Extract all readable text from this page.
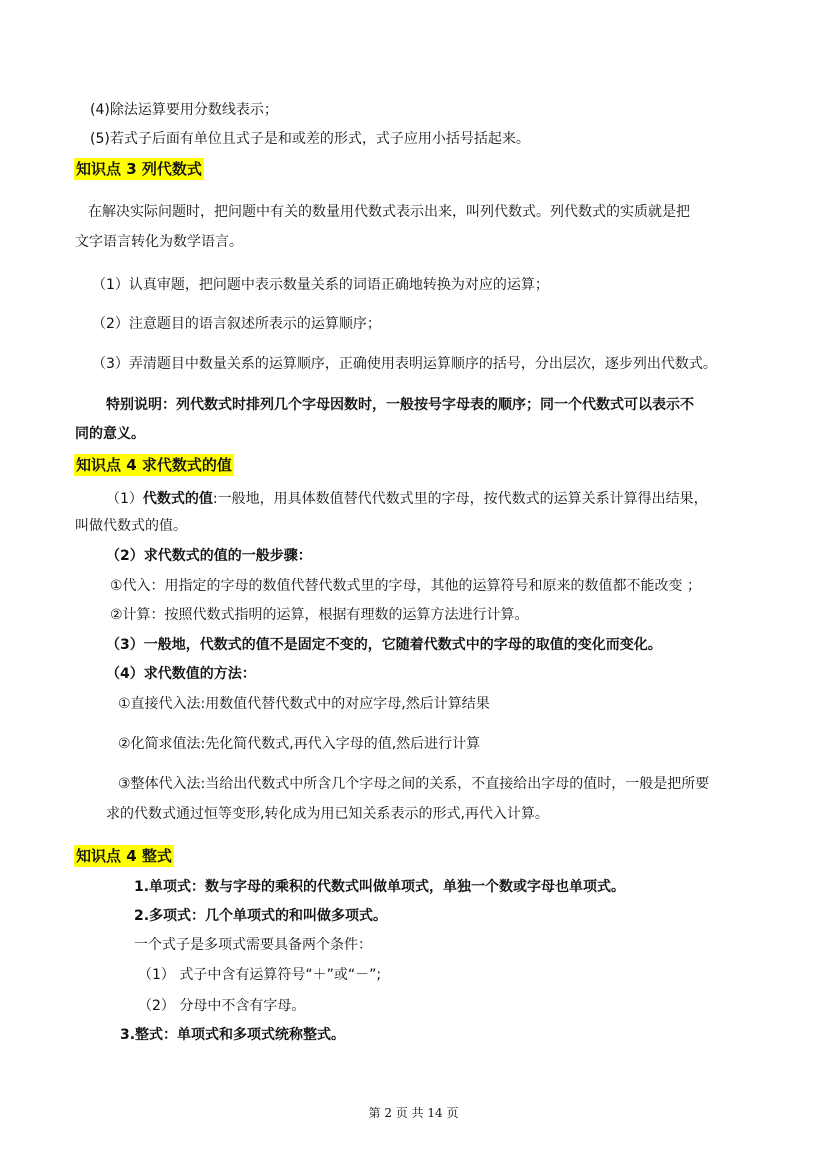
(4)除法运算要用分数线表示；
(5)若式子后面有单位且式子是和或差的形式，式子应用小括号括起来。
知识点 3 列代数式
在解决实际问题时，把问题中有关的数量用代数式表示出来，叫列代数式。列代数式的实质就是把
文字语言转化为数学语言。
（1）认真审题，把问题中表示数量关系的词语正确地转换为对应的运算；
（2）注意题目的语言叙述所表示的运算顺序；
（3）弄清题目中数量关系的运算顺序，正确使用表明运算顺序的括号，分出层次，逐步列出代数式。
特别说明：列代数式时排列几个字母因数时，一般按号字母表的顺序；同一个代数式可以表示不
同的意义。
知识点 4 求代数式的值
（1）代数式的值:一般地，用具体数值替代代数式里的字母，按代数式的运算关系计算得出结果，
叫做代数式的值。
（2）求代数式的值的一般步骤：
①代入：用指定的字母的数值代替代数式里的字母，其他的运算符号和原来的数值都不能改变 ；
②计算：按照代数式指明的运算，根据有理数的运算方法进行计算。
（3）一般地，代数式的值不是固定不变的，它随着代数式中的字母的取值的变化而变化。
（4）求代数值的方法：
①直接代入法:用数值代替代数式中的对应字母,然后计算结果
②化简求值法:先化简代数式,再代入字母的值,然后进行计算
③整体代入法:当给出代数式中所含几个字母之间的关系，不直接给出字母的值时，一般是把所要
求的代数式通过恒等变形,转化成为用已知关系表示的形式,再代入计算。
知识点 4 整式
1.单项式：数与字母的乘积的代数式叫做单项式，单独一个数或字母也单项式。
2.多项式：几个单项式的和叫做多项式。
一个式子是多项式需要具备两个条件：
（1） 式子中含有运算符号“＋”或“－”;
（2） 分母中不含有字母。
3.整式：单项式和多项式统称整式。
第 2 页 共 14 页
